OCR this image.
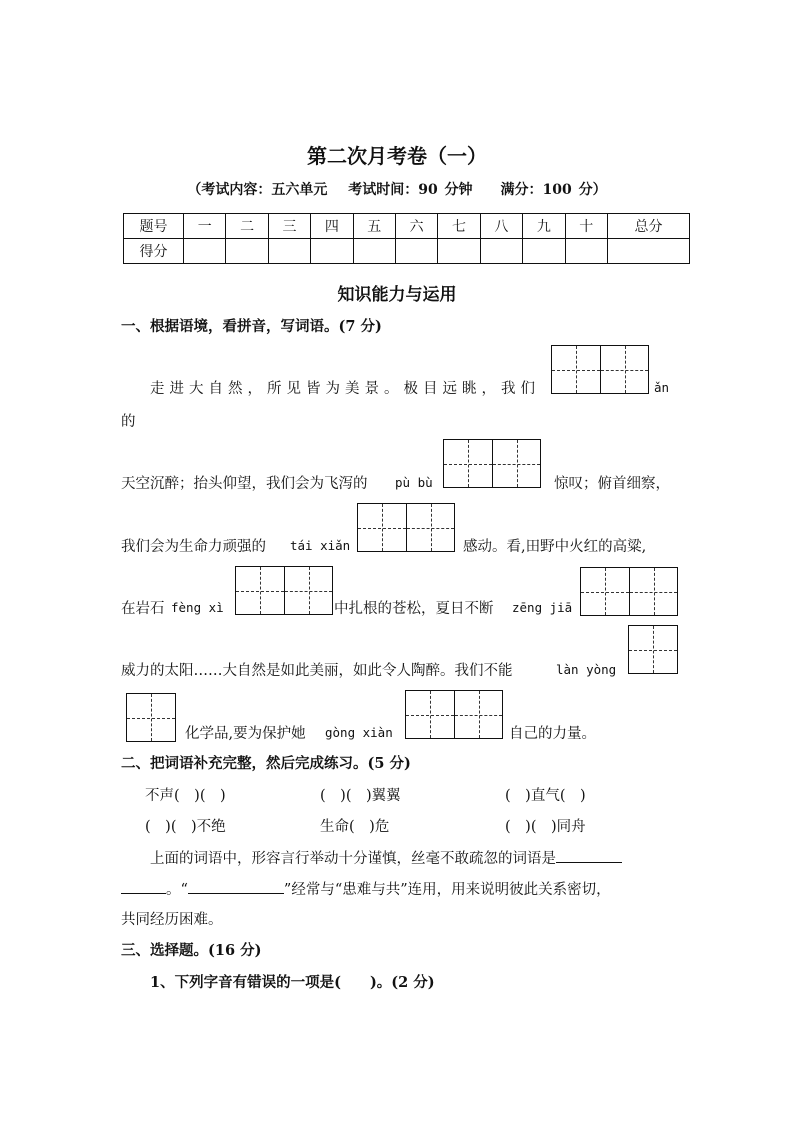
第二次月考卷（一）
（考试内容：五六单元　 考试时间：90 分钟　　满分：100 分）
题号	一	二	三	四	五	六	七	八	九	十	总分
得分											
知识能力与运用
一、根据语境，看拼音，写词语。(7 分)
走进大自然，所见皆为美景。极目远眺，我们	ǎn
的
天空沉醉；抬头仰望，我们会为飞泻的 pù bù	惊叹；俯首细察，
我们会为生命力顽强的 tái xiǎn	感动。看,田野中火红的高粱,
在岩石 fèng xì	中扎根的苍松，夏日不断 zēng jiā
威力的太阳……大自然是如此美丽，如此令人陶醉。我们不能	làn yòng
化学品,要为保护她 gòng xiàn	自己的力量。
二、把词语补充完整，然后完成练习。(5 分)
不声(　)(　)	(　)(　)翼翼	(　)直气(　)
(　)(　)不绝	生命(　)危	(　)(　)同舟
上面的词语中，形容言行举动十分谨慎，丝毫不敢疏忽的词语是
。“	”经常与“患难与共”连用，用来说明彼此关系密切，
共同经历困难。
三、选择题。(16 分)
1、下列字音有错误的一项是(　　)。(2 分)
